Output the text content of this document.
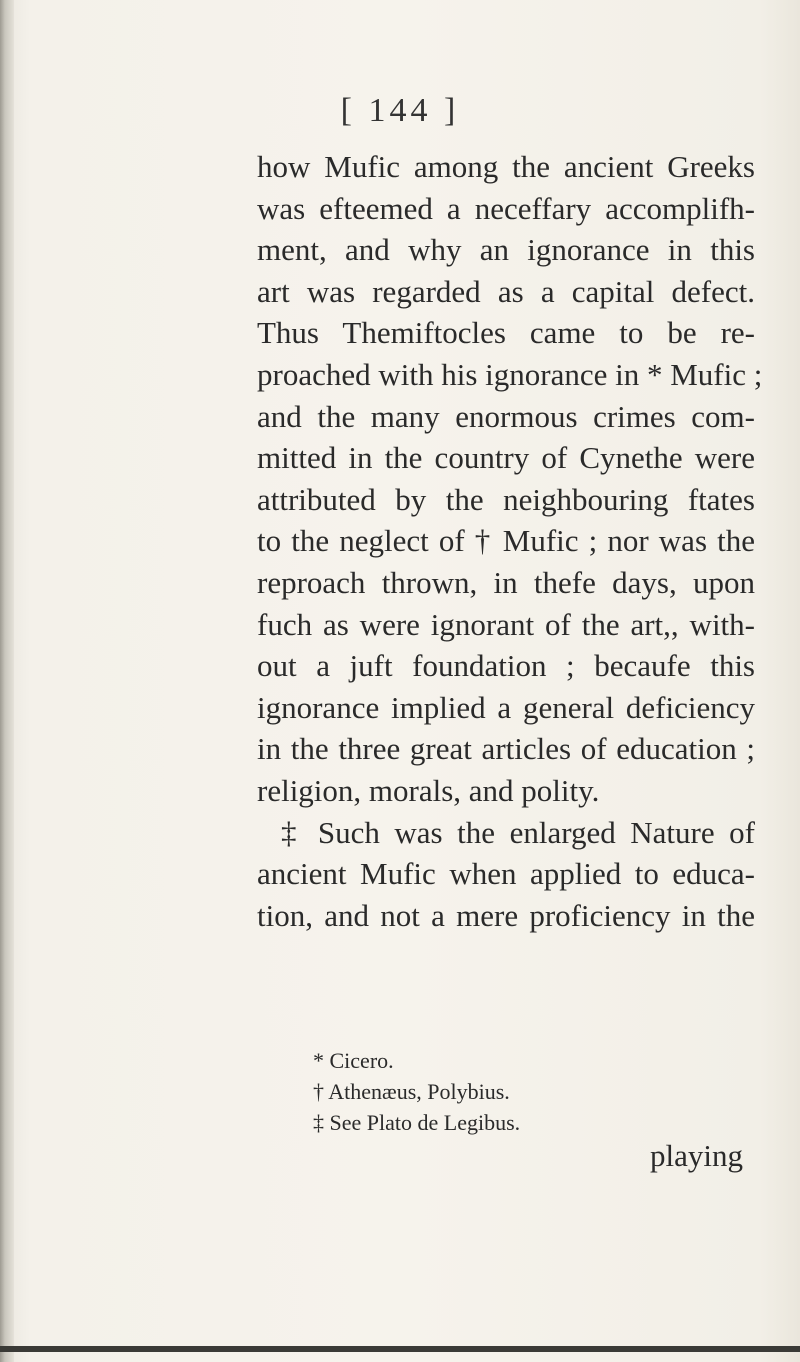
[ 144 ]
how Mufic among the ancient Greeks
was efteemed a neceffary accomplifh-
ment, and why an ignorance in this
art was regarded as a capital defect.
Thus Themiftocles came to be re-
proached with his ignorance in * Mufic ;
and the many enormous crimes com-
mitted in the country of Cynethe were
attributed by the neighbouring ftates
to the neglect of † Mufic ; nor was the
reproach thrown, in thefe days, upon
fuch as were ignorant of the art,, with-
out a juft foundation ; becaufe this
ignorance implied a general deficiency
in the three great articles of education ;
religion, morals, and polity.
‡ Such was the enlarged Nature of
ancient Mufic when applied to educa-
tion, and not a mere proficiency in the
* Cicero.
† Athenæus, Polybius.
‡ See Plato de Legibus.
playing
